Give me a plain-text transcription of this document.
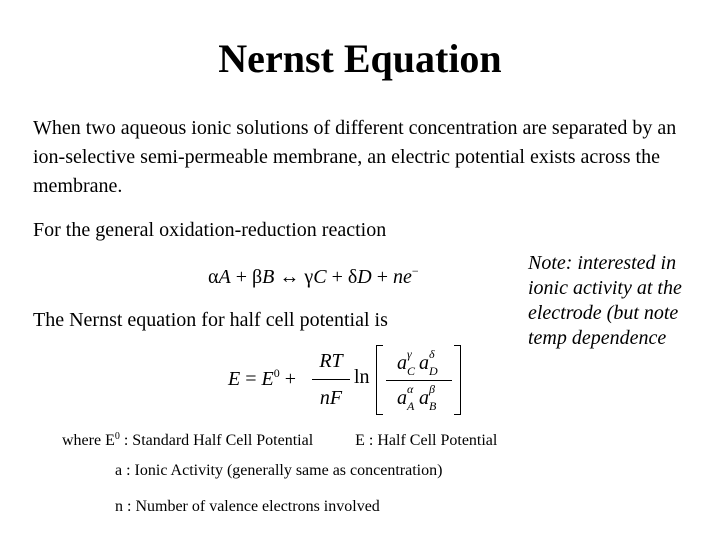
Nernst Equation

When two aqueous ionic solutions of different concentration are separated by an ion-selective semi-permeable membrane, an electric potential exists across the membrane.

For the general oxidation-reduction reaction

αA + βB ↔ γC + δD + ne−	Note: interested in ionic activity at the electrode (but note temp dependence

The Nernst equation for half cell potential is

$E = E^0$ +
RT
nF
ln
a γ
C a δ
D
a α
A a β
B
where $E^0$ : Standard Half Cell Potential	E : Half Cell Potential
a : Ionic Activity (generally same as concentration)
n : Number of valence electrons involved
